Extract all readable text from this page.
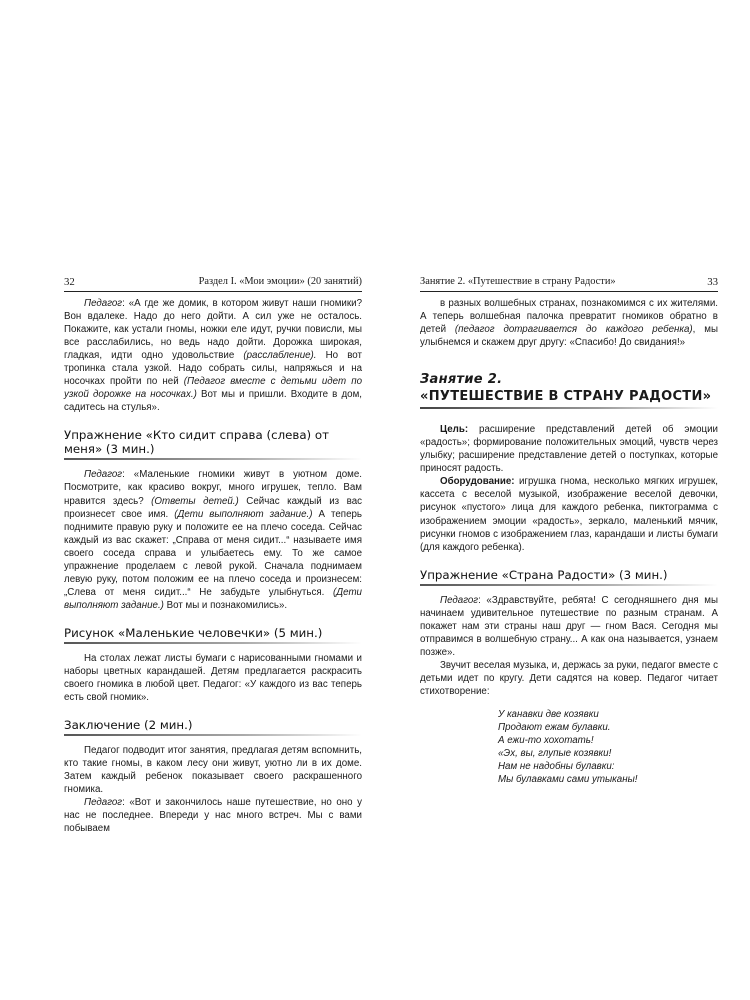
32	Раздел I. «Мои эмоции» (20 занятий)

Педагог: «А где же домик, в котором живут наши гномики? Вон вдалеке. Надо до него дойти. А сил уже не осталось. Покажите, как устали гномы, ножки еле идут, ручки повисли, мы все расслабились, но ведь надо дойти. Дорожка широкая, гладкая, идти одно удовольствие (расслабление). Но вот тропинка стала узкой. Надо собрать силы, напряжься и на носочках пройти по ней (Педагог вместе с детьми идет по узкой дорожке на носочках.) Вот мы и пришли. Входите в дом, садитесь на стулья».

Упражнение «Кто сидит справа (слева) от меня» (3 мин.)

Педагог: «Маленькие гномики живут в уютном доме. Посмотрите, как красиво вокруг, много игрушек, тепло. Вам нравится здесь? (Ответы детей.) Сейчас каждый из вас произнесет свое имя. (Дети выполняют задание.) А теперь поднимите правую руку и положите ее на плечо соседа. Сейчас каждый из вас скажет: „Справа от меня сидит...“ называете имя своего соседа справа и улыбаетесь ему. То же самое упражнение проделаем с левой рукой. Сначала поднимаем левую руку, потом положим ее на плечо соседа и произнесем: „Слева от меня сидит...“ Не забудьте улыбнуться. (Дети выполняют задание.) Вот мы и познакомились».

Рисунок «Маленькие человечки» (5 мин.)

На столах лежат листы бумаги с нарисованными гномами и наборы цветных карандашей. Детям предлагается раскрасить своего гномика в любой цвет. Педагог: «У каждого из вас теперь есть свой гномик».

Заключение (2 мин.)

Педагог подводит итог занятия, предлагая детям вспомнить, кто такие гномы, в каком лесу они живут, уютно ли в их доме. Затем каждый ребенок показывает своего раскрашенного гномика.

Педагог: «Вот и закончилось наше путешествие, но оно у нас не последнее. Впереди у нас много встреч. Мы с вами побываем

Занятие 2. «Путешествие в страну Радости»	33

в разных волшебных странах, познакомимся с их жителями. А теперь волшебная палочка превратит гномиков обратно в детей (педагог дотрагивается до каждого ребенка), мы улыбнемся и скажем друг другу: «Спасибо! До свидания!»

Занятие 2.
«ПУТЕШЕСТВИЕ В СТРАНУ РАДОСТИ»

Цель: расширение представлений детей об эмоции «радость»; формирование положительных эмоций, чувств через улыбку; расширение представление детей о поступках, которые приносят радость.

Оборудование: игрушка гнома, несколько мягких игрушек, кассета с веселой музыкой, изображение веселой девочки, рисунок «пустого» лица для каждого ребенка, пиктограмма с изображением эмоции «радость», зеркало, маленький мячик, рисунки гномов с изображением глаз, карандаши и листы бумаги (для каждого ребенка).

Упражнение «Страна Радости» (3 мин.)

Педагог: «Здравствуйте, ребята! С сегодняшнего дня мы начинаем удивительное путешествие по разным странам. А покажет нам эти страны наш друг — гном Вася. Сегодня мы отправимся в волшебную страну... А как она называется, узнаем позже».

Звучит веселая музыка, и, держась за руки, педагог вместе с детьми идет по кругу. Дети садятся на ковер. Педагог читает стихотворение:

У канавки две козявки
Продают ежам булавки.
А ежи-то хохотать!
«Эх, вы, глупые козявки!
Нам не надобны булавки:
Мы булавками сами утыканы!
